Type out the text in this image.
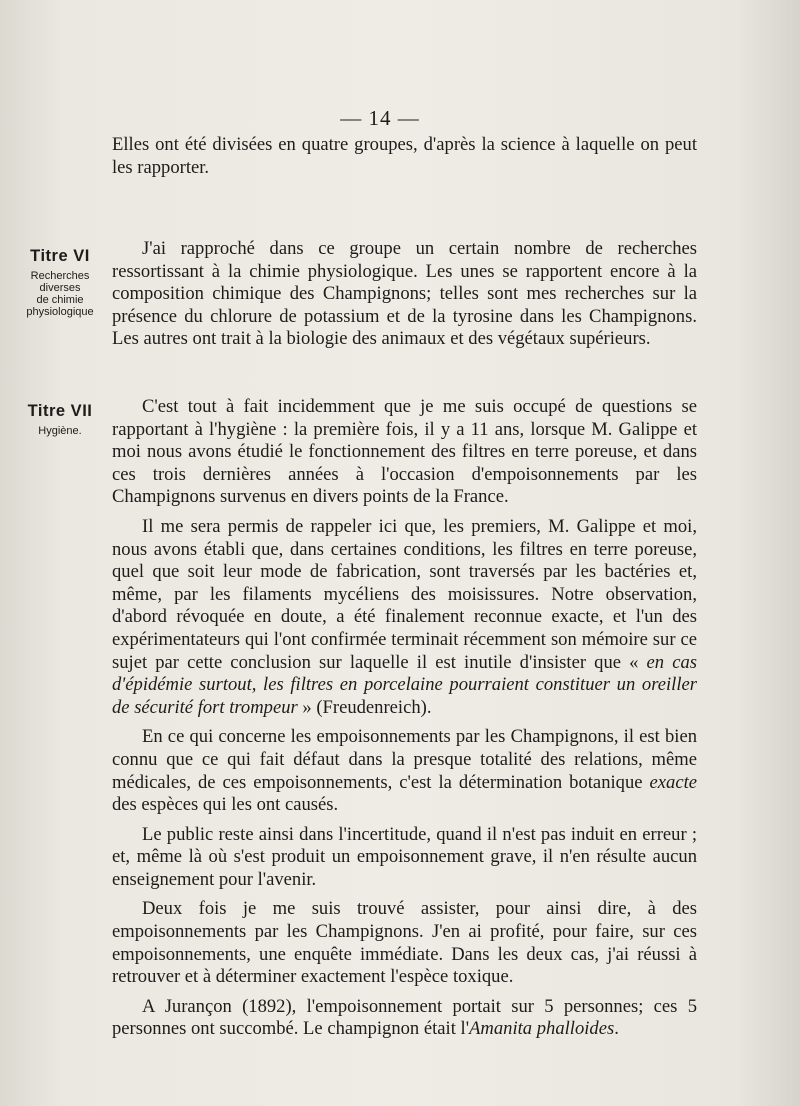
— 14 —

Elles ont été divisées en quatre groupes, d'après la science à laquelle on peut les rapporter.

Titre VI
Recherches
diverses
de chimie
physiologique

J'ai rapproché dans ce groupe un certain nombre de recherches ressortissant à la chimie physiologique. Les unes se rapportent encore à la composition chimique des Champignons; telles sont mes recherches sur la présence du chlorure de potassium et de la tyrosine dans les Champignons. Les autres ont trait à la biologie des animaux et des végétaux supérieurs.

Titre VII
Hygiène.

C'est tout à fait incidemment que je me suis occupé de questions se rapportant à l'hygiène : la première fois, il y a 11 ans, lorsque M. Galippe et moi nous avons étudié le fonctionnement des filtres en terre poreuse, et dans ces trois dernières années à l'occasion d'empoisonnements par les Champignons survenus en divers points de la France.

Il me sera permis de rappeler ici que, les premiers, M. Galippe et moi, nous avons établi que, dans certaines conditions, les filtres en terre poreuse, quel que soit leur mode de fabrication, sont traversés par les bactéries et, même, par les filaments mycéliens des moisissures. Notre observation, d'abord révoquée en doute, a été finalement reconnue exacte, et l'un des expérimentateurs qui l'ont confirmée terminait récemment son mémoire sur ce sujet par cette conclusion sur laquelle il est inutile d'insister que « en cas d'épidémie surtout, les filtres en porcelaine pourraient constituer un oreiller de sécurité fort trompeur » (Freudenreich).

En ce qui concerne les empoisonnements par les Champignons, il est bien connu que ce qui fait défaut dans la presque totalité des relations, même médicales, de ces empoisonnements, c'est la détermination botanique exacte des espèces qui les ont causés.

Le public reste ainsi dans l'incertitude, quand il n'est pas induit en erreur ; et, même là où s'est produit un empoisonnement grave, il n'en résulte aucun enseignement pour l'avenir.

Deux fois je me suis trouvé assister, pour ainsi dire, à des empoisonnements par les Champignons. J'en ai profité, pour faire, sur ces empoisonnements, une enquête immédiate. Dans les deux cas, j'ai réussi à retrouver et à déterminer exactement l'espèce toxique.

A Jurançon (1892), l'empoisonnement portait sur 5 personnes; ces 5 personnes ont succombé. Le champignon était l'Amanita phalloides.
